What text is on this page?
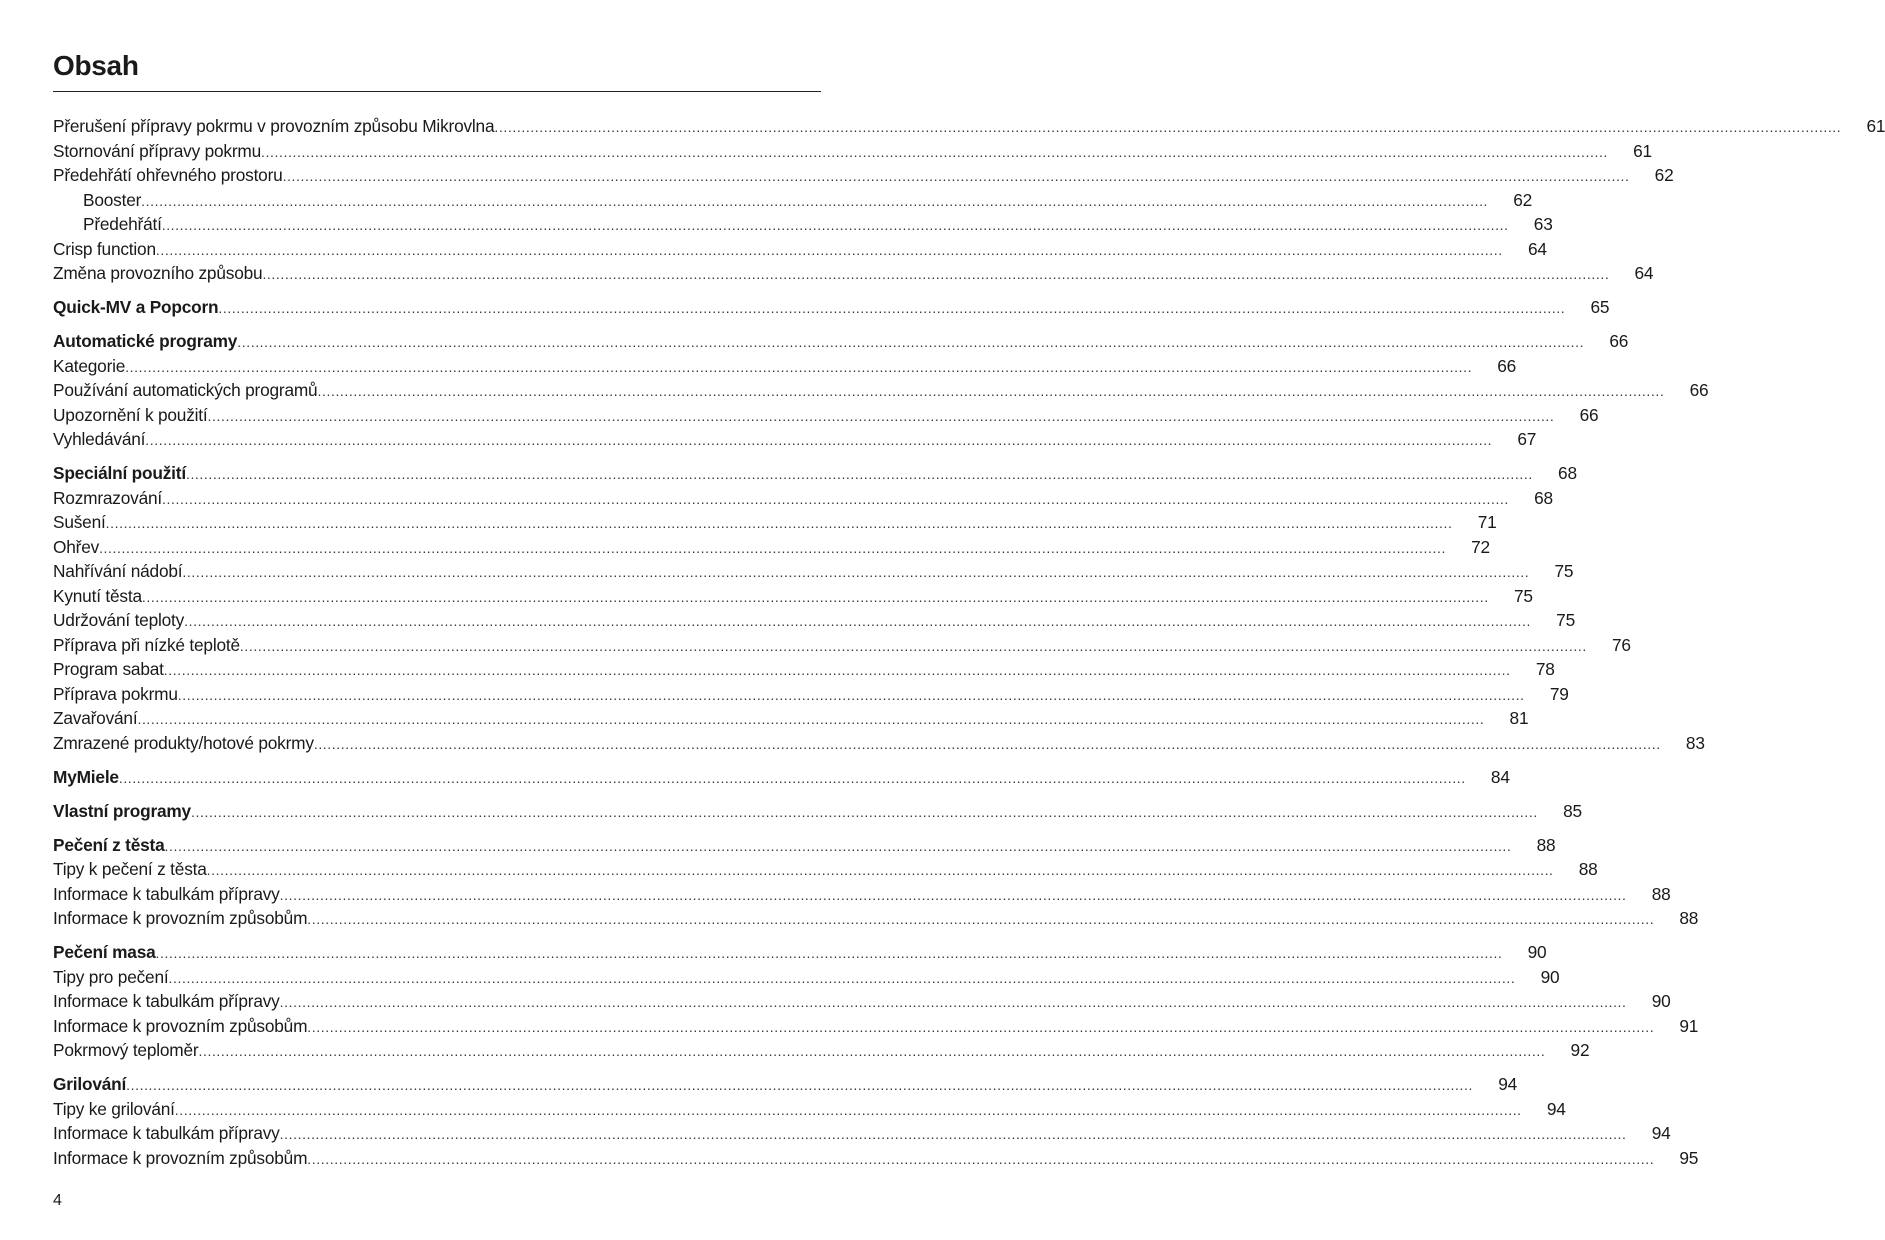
Obsah
Přerušení přípravy pokrmu v provozním způsobu Mikrovlna ............................................................................................................................................................................................................................................................................................................	61
Stornování přípravy pokrmu ............................................................................................................................................................................................................................................................................................................	61
Předehřátí ohřevného prostoru ............................................................................................................................................................................................................................................................................................................	62
Booster ............................................................................................................................................................................................................................................................................................................	62
Předehřátí ............................................................................................................................................................................................................................................................................................................	63
Crisp function ............................................................................................................................................................................................................................................................................................................	64
Změna provozního způsobu ............................................................................................................................................................................................................................................................................................................	64
Quick-MV a Popcorn ............................................................................................................................................................................................................................................................................................................	65
Automatické programy ............................................................................................................................................................................................................................................................................................................	66
Kategorie ............................................................................................................................................................................................................................................................................................................	66
Používání automatických programů ............................................................................................................................................................................................................................................................................................................	66
Upozornění k použití ............................................................................................................................................................................................................................................................................................................	66
Vyhledávání ............................................................................................................................................................................................................................................................................................................	67
Speciální použití ............................................................................................................................................................................................................................................................................................................	68
Rozmrazování ............................................................................................................................................................................................................................................................................................................	68
Sušení ............................................................................................................................................................................................................................................................................................................	71
Ohřev ............................................................................................................................................................................................................................................................................................................	72
Nahřívání nádobí ............................................................................................................................................................................................................................................................................................................	75
Kynutí těsta ............................................................................................................................................................................................................................................................................................................	75
Udržování teploty ............................................................................................................................................................................................................................................................................................................	75
Příprava při nízké teplotě ............................................................................................................................................................................................................................................................................................................	76
Program sabat ............................................................................................................................................................................................................................................................................................................	78
Příprava pokrmu ............................................................................................................................................................................................................................................................................................................	79
Zavařování ............................................................................................................................................................................................................................................................................................................	81
Zmrazené produkty/hotové pokrmy ............................................................................................................................................................................................................................................................................................................	83
MyMiele ............................................................................................................................................................................................................................................................................................................	84
Vlastní programy ............................................................................................................................................................................................................................................................................................................	85
Pečení z těsta ............................................................................................................................................................................................................................................................................................................	88
Tipy k pečení z těsta ............................................................................................................................................................................................................................................................................................................	88
Informace k tabulkám přípravy ............................................................................................................................................................................................................................................................................................................	88
Informace k provozním způsobům ............................................................................................................................................................................................................................................................................................................	88
Pečení masa ............................................................................................................................................................................................................................................................................................................	90
Tipy pro pečení ............................................................................................................................................................................................................................................................................................................	90
Informace k tabulkám přípravy ............................................................................................................................................................................................................................................................................................................	90
Informace k provozním způsobům ............................................................................................................................................................................................................................................................................................................	91
Pokrmový teploměr ............................................................................................................................................................................................................................................................................................................	92
Grilování ............................................................................................................................................................................................................................................................................................................	94
Tipy ke grilování ............................................................................................................................................................................................................................................................................................................	94
Informace k tabulkám přípravy ............................................................................................................................................................................................................................................................................................................	94
Informace k provozním způsobům ............................................................................................................................................................................................................................................................................................................	95
4
